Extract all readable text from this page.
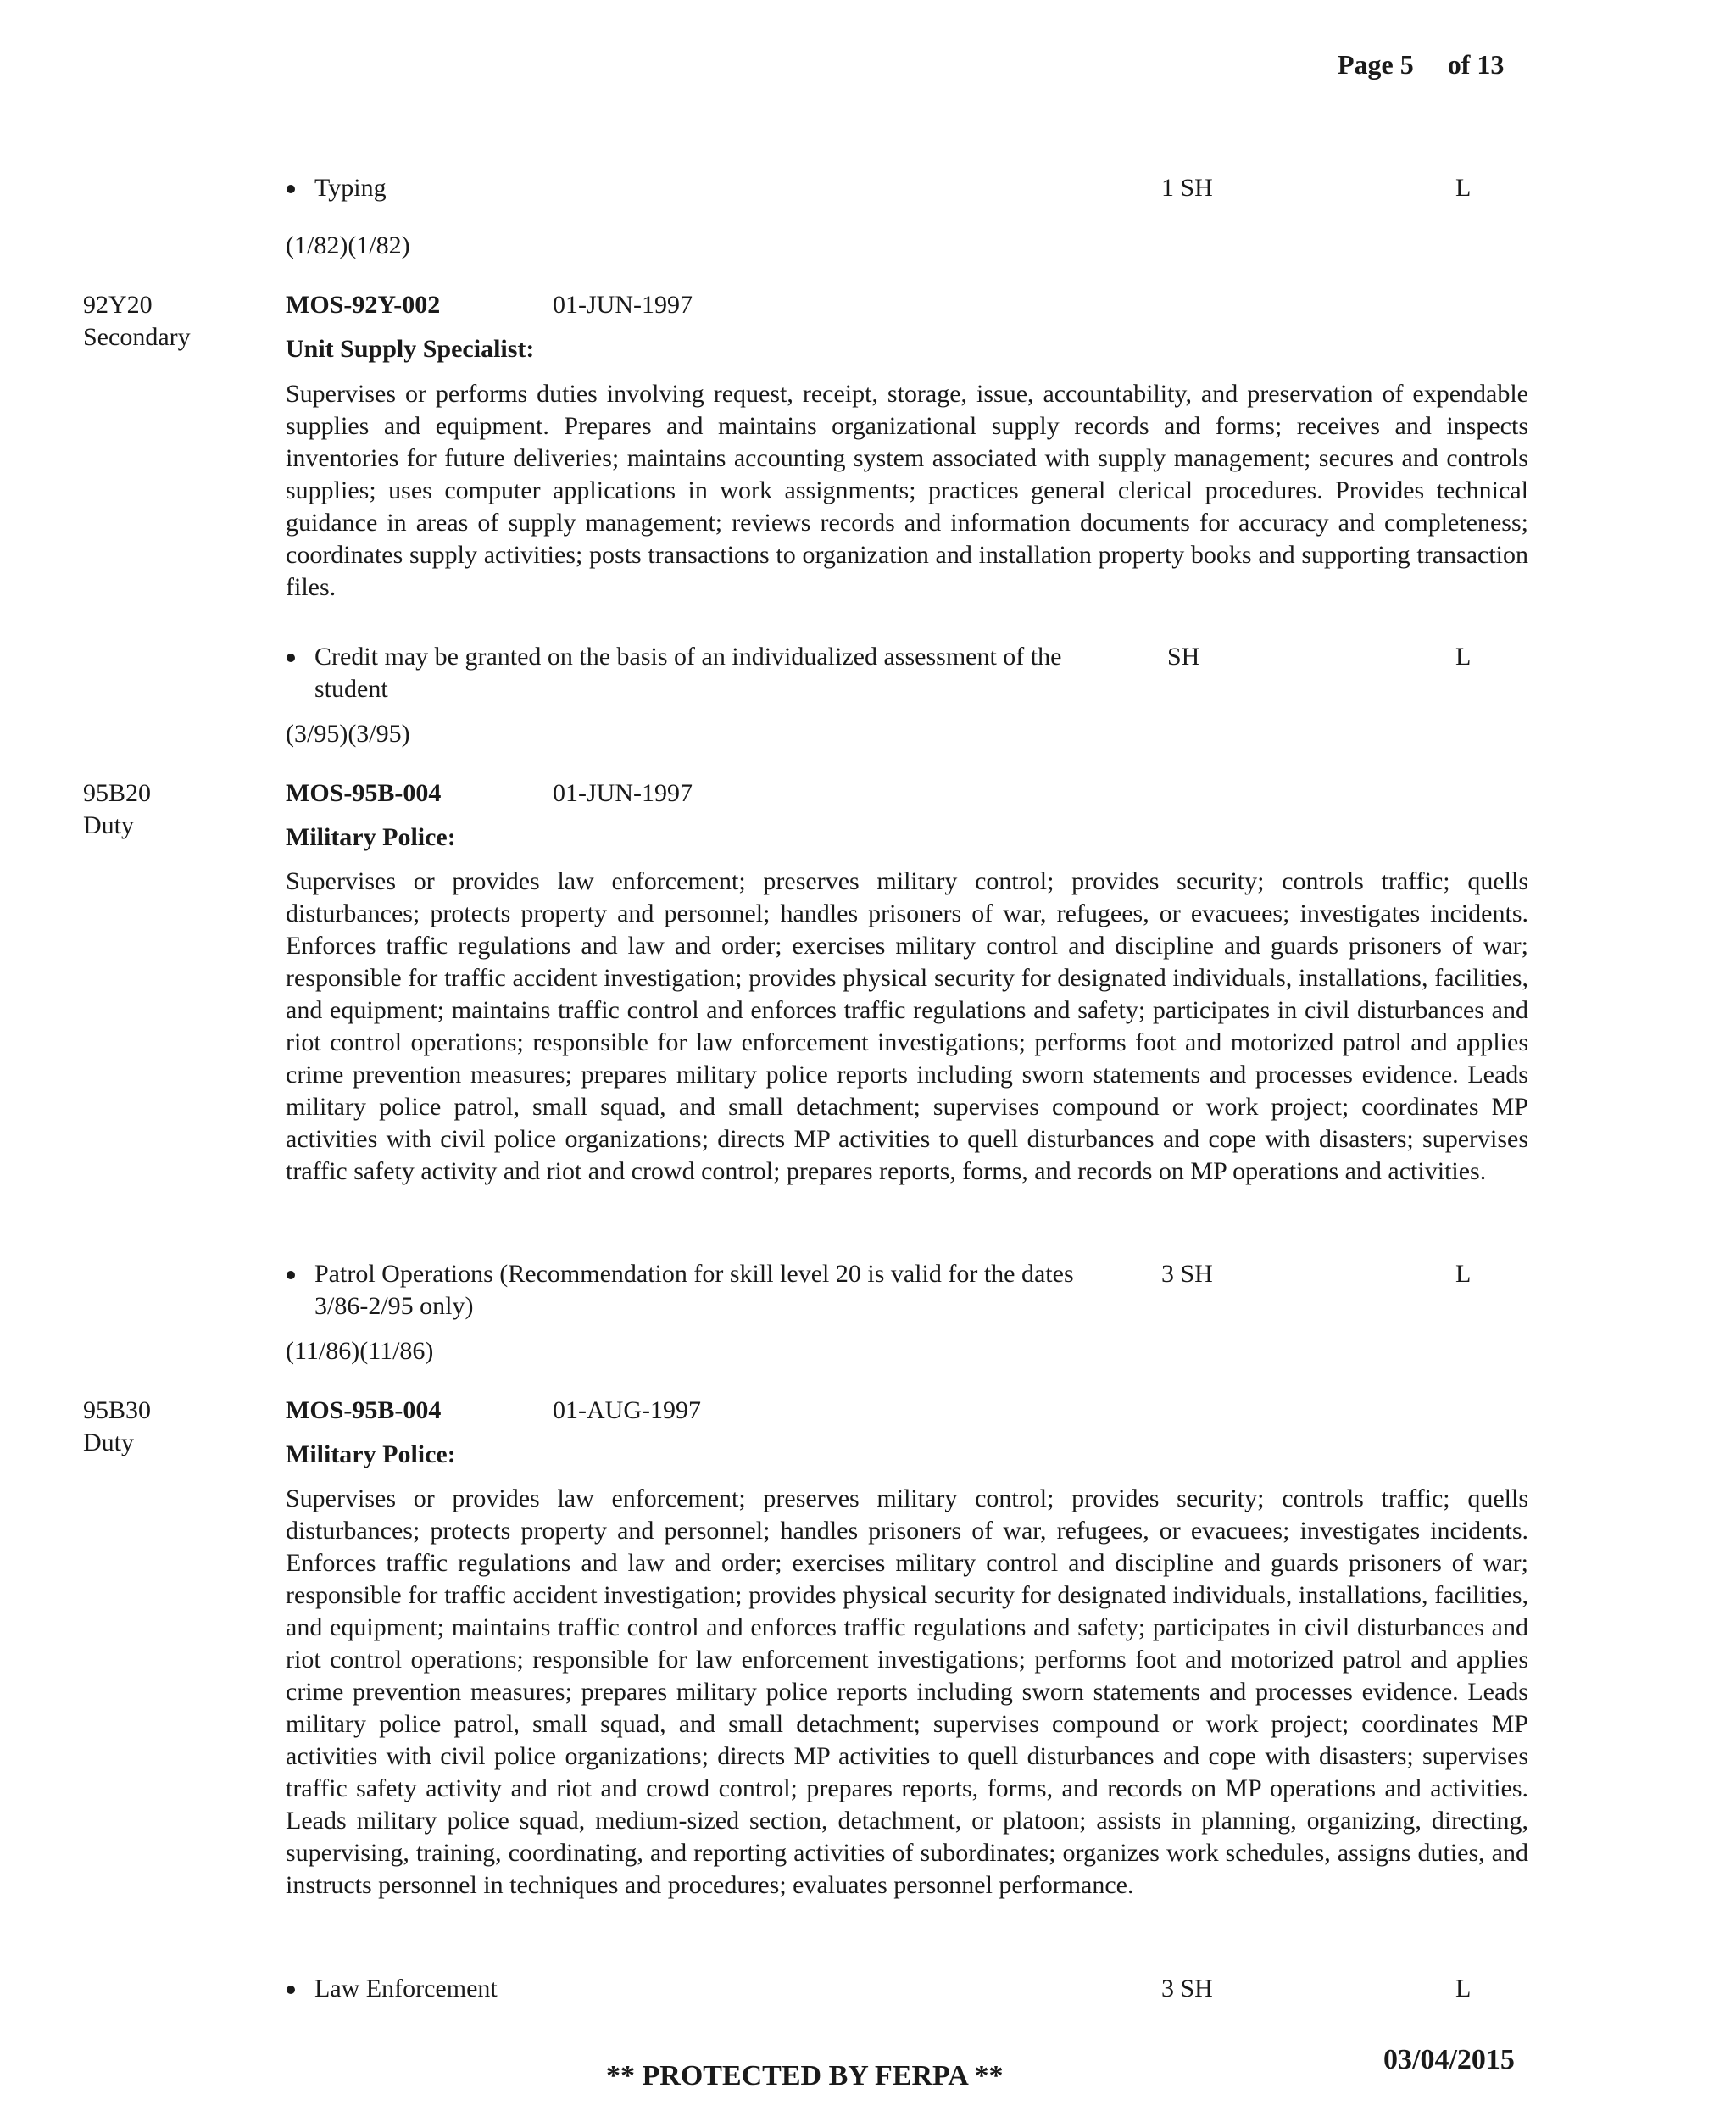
Page 5 of 13
Typing	1 SH	L
(1/82)(1/82)
92Y20
Secondary
MOS-92Y-002	01-JUN-1997
Unit Supply Specialist:
Supervises or performs duties involving request, receipt, storage, issue, accountability, and preservation of expendable supplies and equipment. Prepares and maintains organizational supply records and forms; receives and inspects inventories for future deliveries; maintains accounting system associated with supply management; secures and controls supplies; uses computer applications in work assignments; practices general clerical procedures. Provides technical guidance in areas of supply management; reviews records and information documents for accuracy and completeness; coordinates supply activities; posts transactions to organization and installation property books and supporting transaction files.
Credit may be granted on the basis of an individualized assessment of the student
SH	L
(3/95)(3/95)
95B20
Duty
MOS-95B-004	01-JUN-1997
Military Police:
Supervises or provides law enforcement; preserves military control; provides security; controls traffic; quells disturbances; protects property and personnel; handles prisoners of war, refugees, or evacuees; investigates incidents. Enforces traffic regulations and law and order; exercises military control and discipline and guards prisoners of war; responsible for traffic accident investigation; provides physical security for designated individuals, installations, facilities, and equipment; maintains traffic control and enforces traffic regulations and safety; participates in civil disturbances and riot control operations; responsible for law enforcement investigations; performs foot and motorized patrol and applies crime prevention measures; prepares military police reports including sworn statements and processes evidence. Leads military police patrol, small squad, and small detachment; supervises compound or work project; coordinates MP activities with civil police organizations; directs MP activities to quell disturbances and cope with disasters; supervises traffic safety activity and riot and crowd control; prepares reports, forms, and records on MP operations and activities.
Patrol Operations (Recommendation for skill level 20 is valid for the dates 3/86-2/95 only)
3 SH	L
(11/86)(11/86)
95B30
Duty
MOS-95B-004	01-AUG-1997
Military Police:
Supervises or provides law enforcement; preserves military control; provides security; controls traffic; quells disturbances; protects property and personnel; handles prisoners of war, refugees, or evacuees; investigates incidents. Enforces traffic regulations and law and order; exercises military control and discipline and guards prisoners of war; responsible for traffic accident investigation; provides physical security for designated individuals, installations, facilities, and equipment; maintains traffic control and enforces traffic regulations and safety; participates in civil disturbances and riot control operations; responsible for law enforcement investigations; performs foot and motorized patrol and applies crime prevention measures; prepares military police reports including sworn statements and processes evidence. Leads military police patrol, small squad, and small detachment; supervises compound or work project; coordinates MP activities with civil police organizations; directs MP activities to quell disturbances and cope with disasters; supervises traffic safety activity and riot and crowd control; prepares reports, forms, and records on MP operations and activities. Leads military police squad, medium-sized section, detachment, or platoon; assists in planning, organizing, directing, supervising, training, coordinating, and reporting activities of subordinates; organizes work schedules, assigns duties, and instructs personnel in techniques and procedures; evaluates personnel performance.
Law Enforcement	3 SH	L
** PROTECTED BY FERPA **
03/04/2015
